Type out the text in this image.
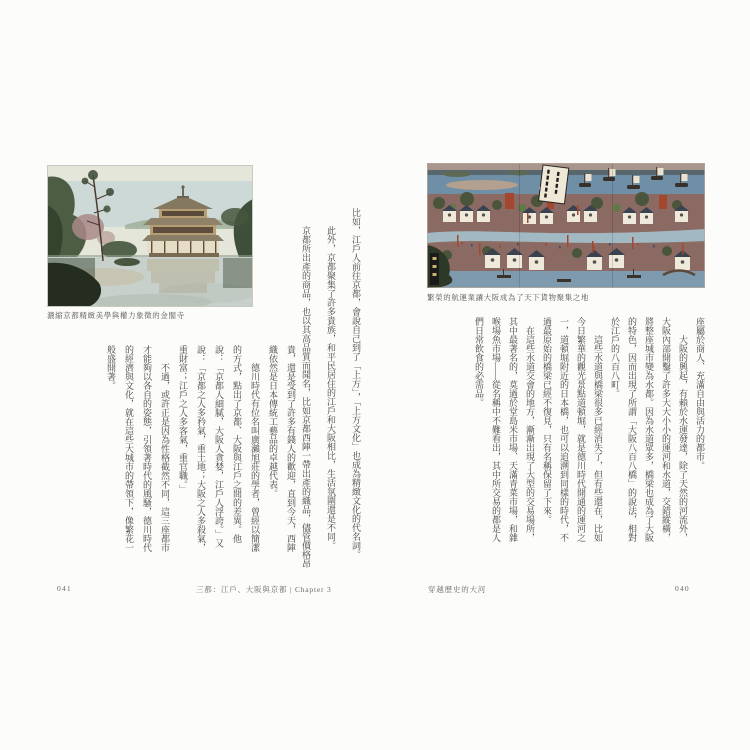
濃縮京都精緻美學與權力象徵的金閣寺	比如，江戶人前往京都，會說自己到了「上方」，「上方文化」也成為精緻文化的代名詞。

此外，京都聚集了許多貴族，和平民居住的江戶和大阪相比，生活氛圍還是不同。

京都所出產的商品，也以其高品質而聞名，比如京都西陣一帶出產的織品，儘管價格昂

貴，還是受到了許多有錢人的歡迎，直到今天，西陣織依然是日本傳統工藝品的卓越代表。

德川時代有位名叫廣瀨旭莊的學者，曾經以簡潔的方式，點出了京都、大阪與江戶之間的差異。他說：「京都人細膩，大阪人貪婪，江戶人浮誇。」又說：「京都之人多矜氣，重土地；大阪之人多殺氣，重財富；江戶之人多客氣，重官職。」

不過，或許正是因為性格截然不同，這三座都市才能夠以各自的姿態，引領著時代的風騷，德川時代的經濟與文化，就在這些大城市的帶領下，像繁花一般盛開著。

041	三都：江戶、大阪與京都 | Chapter 3
繁榮的航運業讓大阪成為了天下貨物聚集之地

座屬於商人、充滿自由與活力的都市。

大阪的興起，有賴於水運發達，除了天然的河流外，大阪內部開鑿了許多大大小小的運河和水道，交錯縱橫，將整座城市變為水都。因為水道眾多，橋梁也成為了大阪的特色，因而出現了所謂「大阪八百八橋」的說法，相對於江戶的八百八町。

這些水道與橋梁很多已經消失了，但有些還在，比如今日繁華的觀光景點道頓堀，就是德川時代開通的運河之一，道頓堀附近的日本橋，也可以追溯到同樣的時代，不過最原始的橋梁已經不復見，只有名稱保留了下來。

在這些水道交會的地方，漸漸出現了大型的交易場所，其中最著名的，莫過於堂島米市場、天滿青菜市場，和雜喉場魚市場——從名稱中不難看出，其中所交易的都是人們日常飲食的必需品。

穿越歷史的大河	040
